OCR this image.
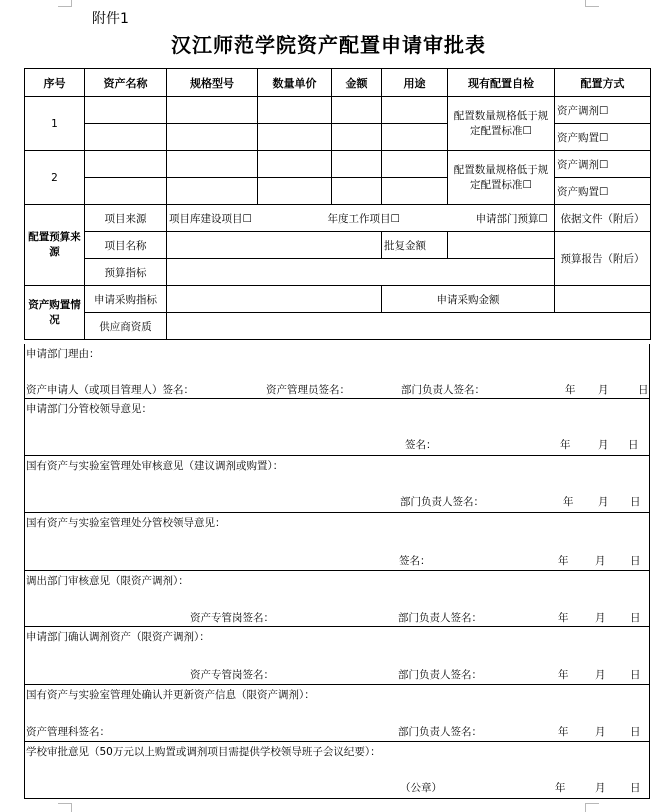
附件1
汉江师范学院资产配置申请审批表
序号	资产名称	规格型号	数量单价	金额	用途	现有配置自检	配置方式
1						配置数量规格低于规定配置标准☐	资产调剂☐
							资产购置☐
2						配置数量规格低于规定配置标准☐	资产调剂☐
							资产购置☐
配置预算来源	项目来源	项目库建设项目☐ 年度工作项目☐ 申请部门预算☐					依据文件（附后）
	项目名称				批复金额		预算报告（附后）
	预算指标						
资产购置情况	申请采购指标				申请采购金额		
	供应商资质						
申请部门理由：
资产申请人（或项目管理人）签名：	资产管理员签名：	部门负责人签名：	年 月	日

申请部门分管校领导意见：
签名：	年	月 日

国有资产与实验室管理处审核意见（建议调剂或购置）：
部门负责人签名：	年 月 日

国有资产与实验室管理处分管校领导意见：
签名：	年	月 日

调出部门审核意见（限资产调剂）：
资产专管岗签名：	部门负责人签名：	年	月 日

申请部门确认调剂资产（限资产调剂）：
资产专管岗签名：	部门负责人签名：	年	月 日

国有资产与实验室管理处确认并更新资产信息（限资产调剂）：
资产管理科签名：	部门负责人签名：	年	月 日

学校审批意见（50万元以上购置或调剂项目需提供学校领导班子会议纪要）：
（公章）	年	月 日
